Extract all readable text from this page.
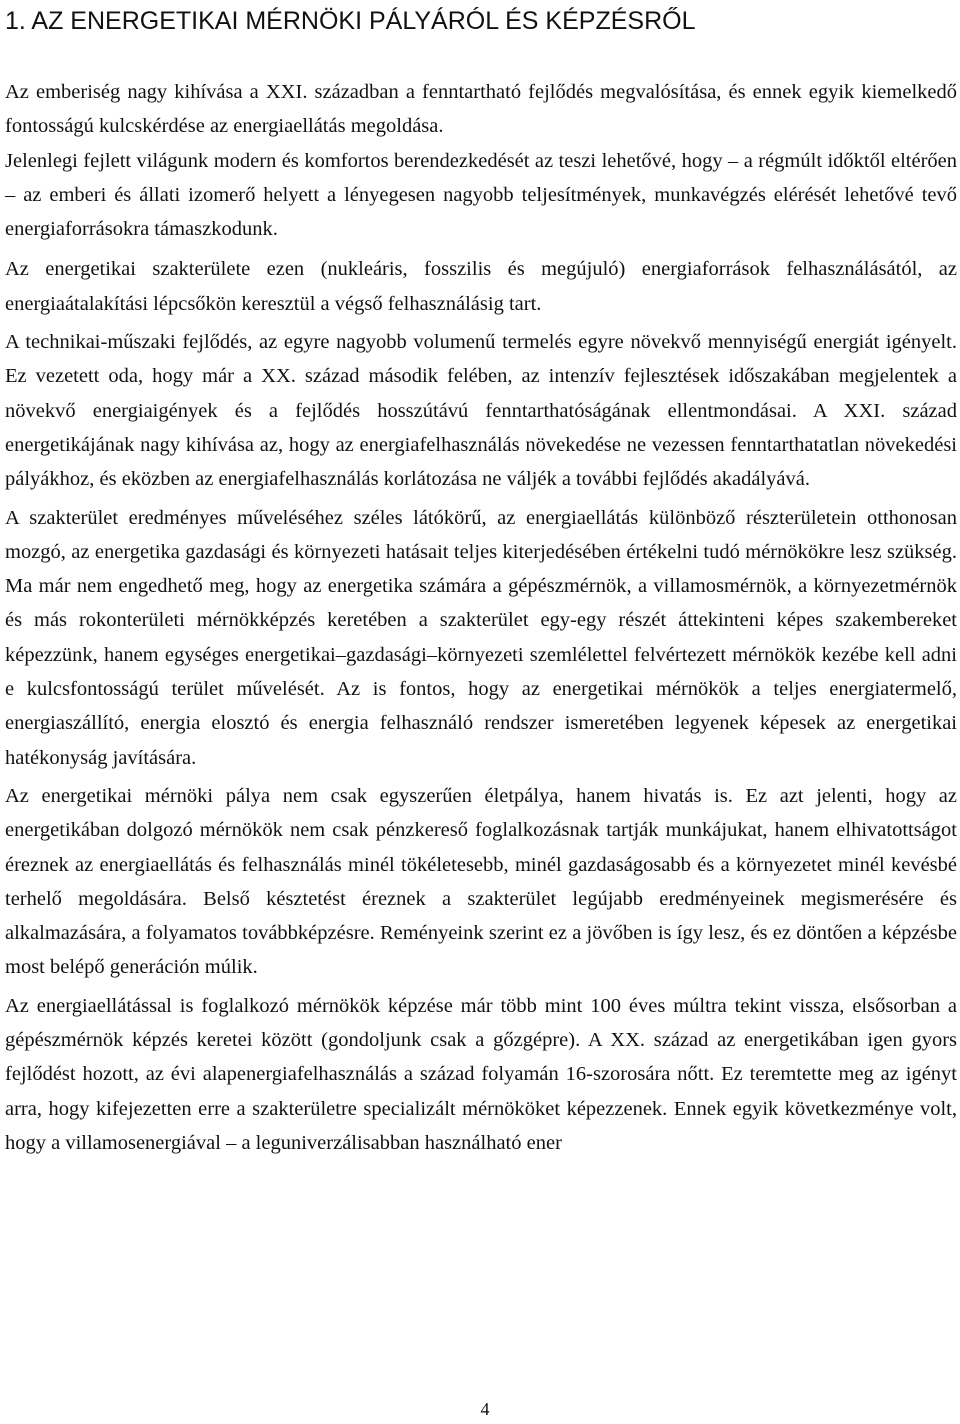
1. AZ ENERGETIKAI MÉRNÖKI PÁLYÁRÓL ÉS KÉPZÉSRŐL

Az emberiség nagy kihívása a XXI. században a fenntartható fejlődés megvalósítása, és ennek egyik kiemelkedő fontosságú kulcskérdése az energiaellátás megoldása.

Jelenlegi fejlett világunk modern és komfortos berendezkedését az teszi lehetővé, hogy – a régmúlt időktől eltérően – az emberi és állati izomerő helyett a lényegesen nagyobb teljesítmények, munkavégzés elérését lehetővé tevő energiaforrásokra támaszkodunk.

Az energetikai szakterülete ezen (nukleáris, fosszilis és megújuló) energiaforrások felhasználásától, az energiaátalakítási lépcsőkön keresztül a végső felhasználásig tart.

A technikai-műszaki fejlődés, az egyre nagyobb volumenű termelés egyre növekvő mennyiségű energiát igényelt. Ez vezetett oda, hogy már a XX. század második felében, az intenzív fejlesztések időszakában megjelentek a növekvő energiaigények és a fejlődés hosszútávú fenntarthatóságának ellentmondásai. A XXI. század energetikájának nagy kihívása az, hogy az energiafelhasználás növekedése ne vezessen fenntarthatatlan növekedési pályákhoz, és eközben az energiafelhasználás korlátozása ne váljék a további fejlődés akadályává.

A szakterület eredményes műveléséhez széles látókörű, az energiaellátás különböző részterületein otthonosan mozgó, az energetika gazdasági és környezeti hatásait teljes kiterjedésében értékelni tudó mérnökökre lesz szükség. Ma már nem engedhető meg, hogy az energetika számára a gépészmérnök, a villamosmérnök, a környezetmérnök és más rokonterületi mérnökképzés keretében a szakterület egy-egy részét áttekinteni képes szakembereket képezzünk, hanem egységes energetikai–gazdasági–környezeti szemlélettel felvértezett mérnökök kezébe kell adni e kulcsfontosságú terület művelését. Az is fontos, hogy az energetikai mérnökök a teljes energiatermelő, energiaszállító, energia elosztó és energia felhasználó rendszer ismeretében legyenek képesek az energetikai hatékonyság javítására.

Az energetikai mérnöki pálya nem csak egyszerűen életpálya, hanem hivatás is. Ez azt jelenti, hogy az energetikában dolgozó mérnökök nem csak pénzkereső foglalkozásnak tartják munkájukat, hanem elhivatottságot éreznek az energiaellátás és felhasználás minél tökéletesebb, minél gazdaságosabb és a környezetet minél kevésbé terhelő megoldására. Belső késztetést éreznek a szakterület legújabb eredményeinek megismerésére és alkalmazására, a folyamatos továbbképzésre. Reményeink szerint ez a jövőben is így lesz, és ez döntően a képzésbe most belépő generáción múlik.

Az energiaellátással is foglalkozó mérnökök képzése már több mint 100 éves múltra tekint vissza, elsősorban a gépészmérnök képzés keretei között (gondoljunk csak a gőzgépre). A XX. század az energetikában igen gyors fejlődést hozott, az évi alapenergiafelhasználás a század folyamán 16-szorosára nőtt. Ez teremtette meg az igényt arra, hogy kifejezetten erre a szakterületre specializált mérnököket képezzenek. Ennek egyik következménye volt, hogy a villamosenergiával – a leguniverzálisabban használható ener

4
